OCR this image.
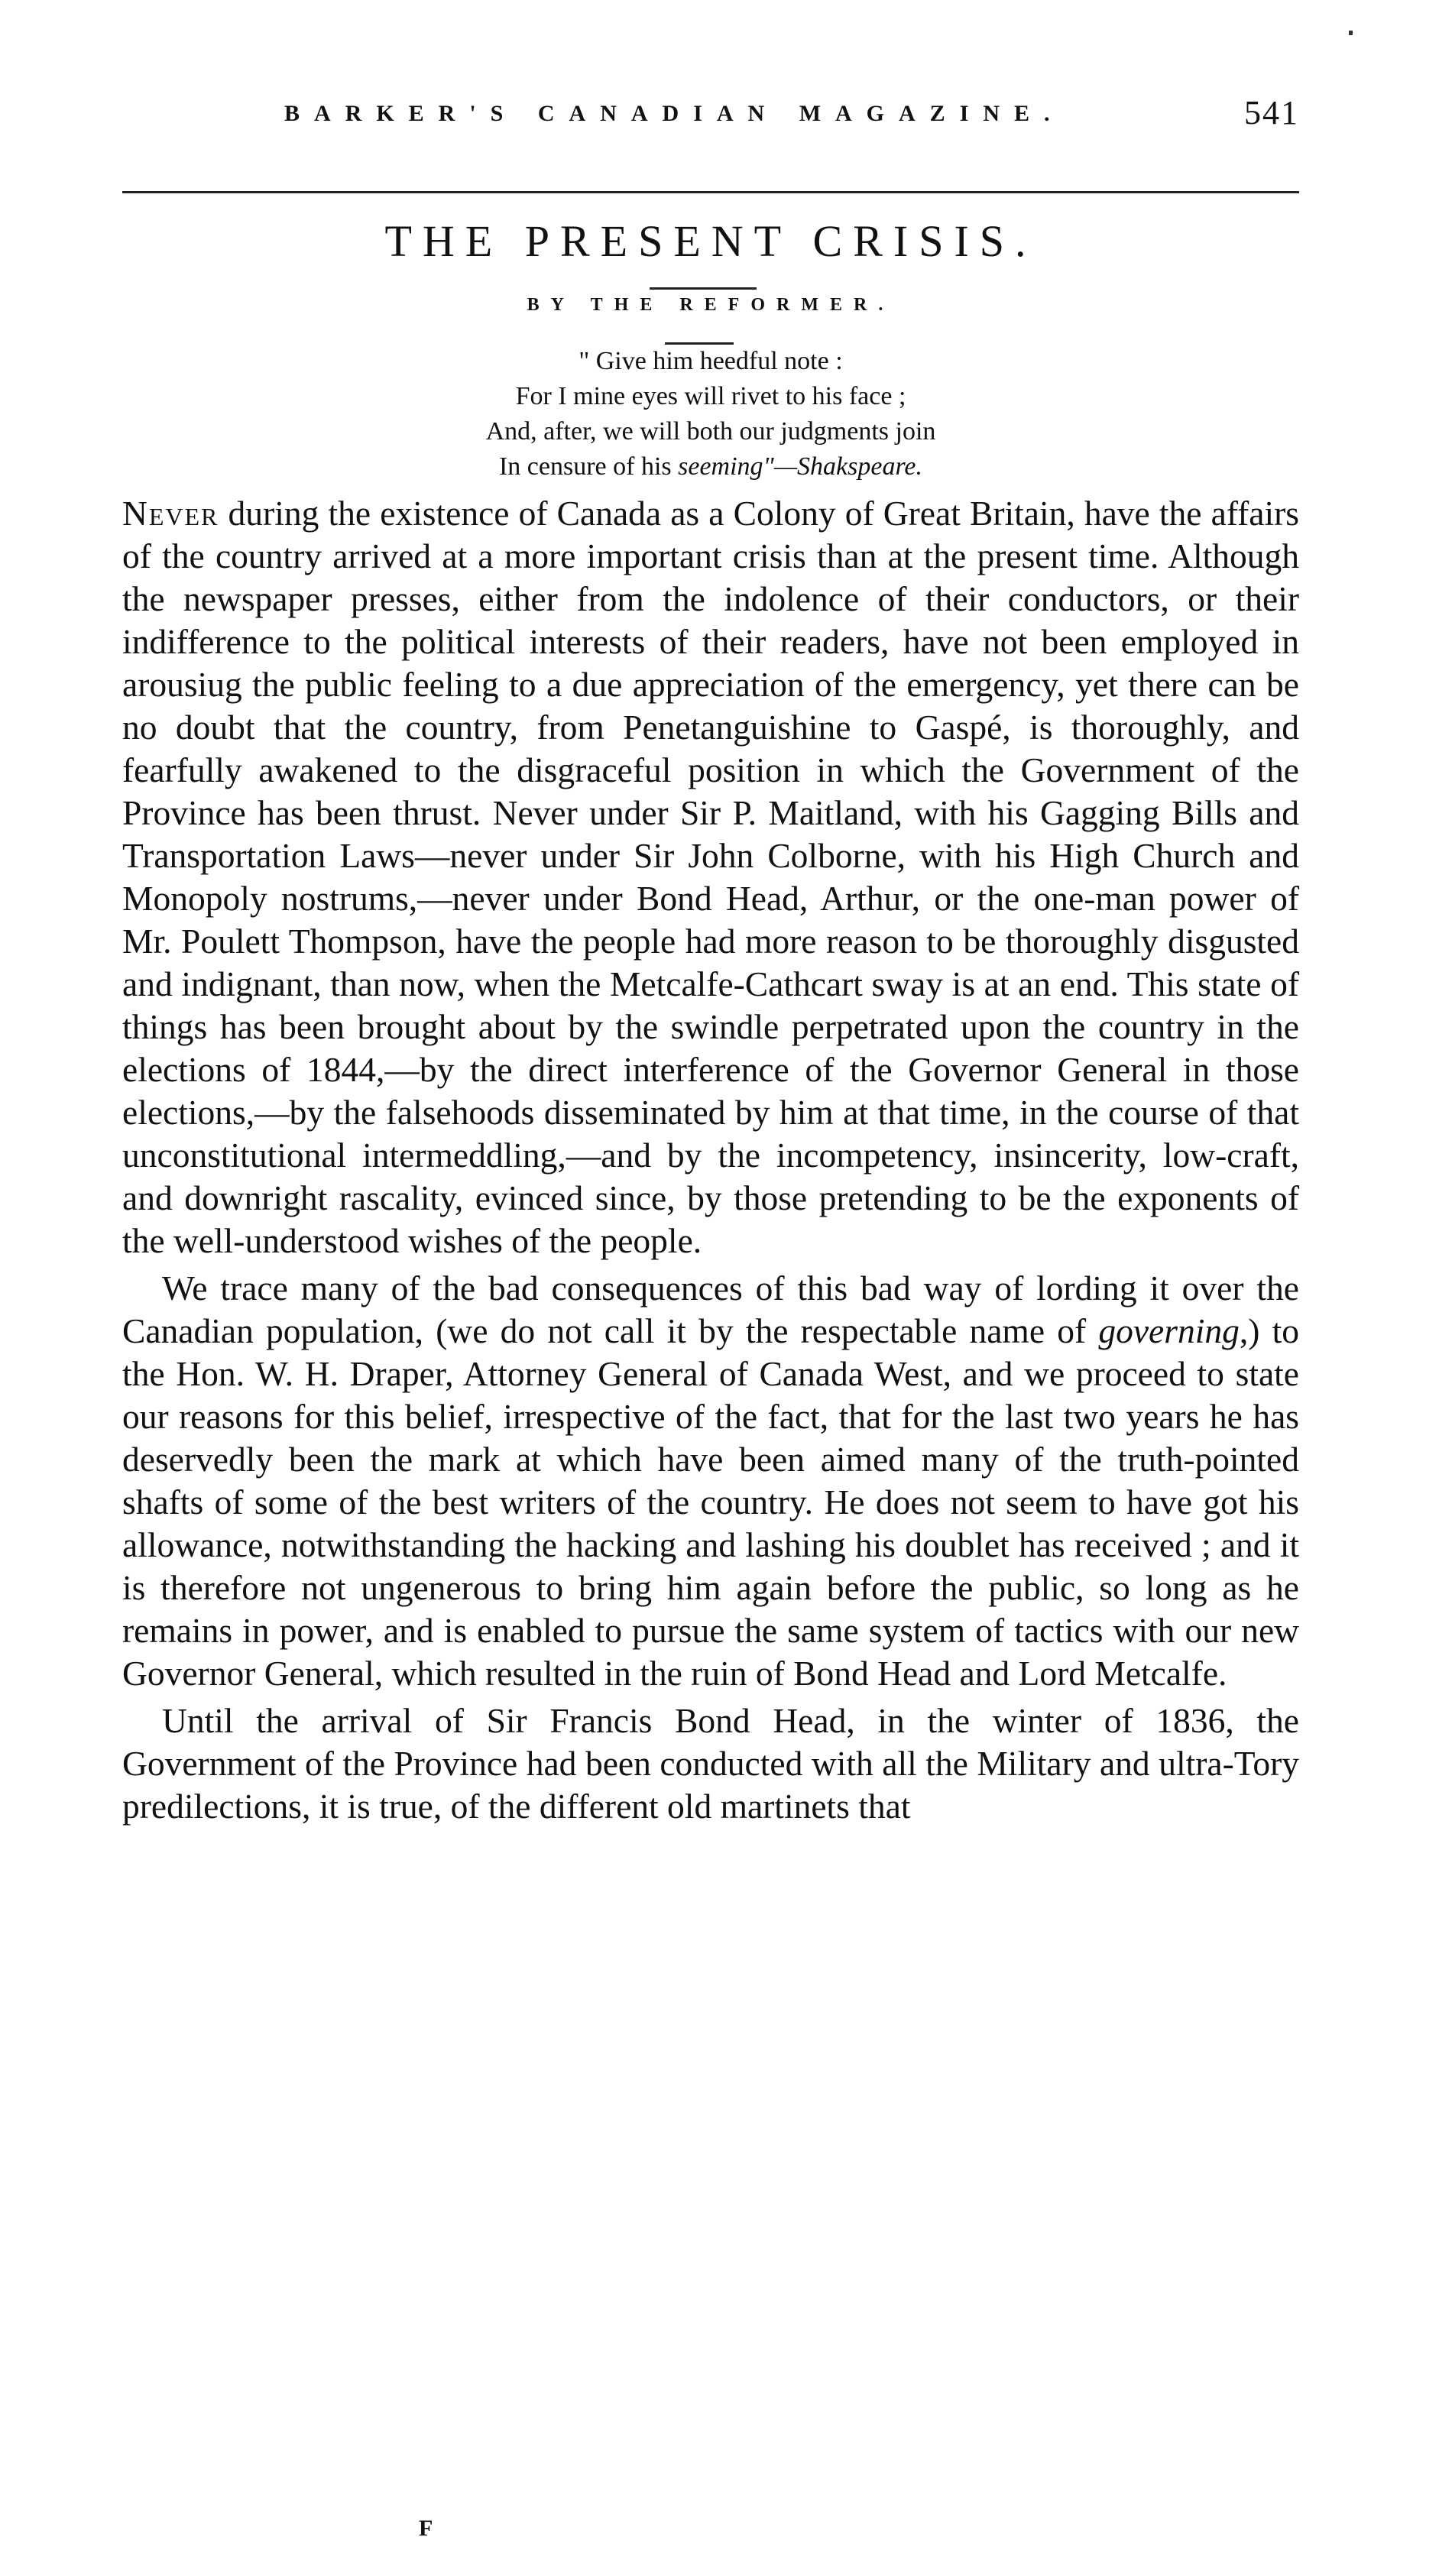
BARKER'S CANADIAN MAGAZINE.	541
THE PRESENT CRISIS.
BY THE REFORMER.
" Give him heedful note :
For I mine eyes will rivet to his face ;
And, after, we will both our judgments join
In censure of his seeming"—Shakspeare.

Never during the existence of Canada as a Colony of Great Britain, have the affairs of the country arrived at a more important crisis than at the present time. Although the newspaper presses, either from the indolence of their conductors, or their indifference to the political interests of their readers, have not been employed in arousiug the public feeling to a due appreciation of the emergency, yet there can be no doubt that the country, from Penetanguishine to Gaspé, is thoroughly, and fearfully awakened to the disgraceful position in which the Government of the Province has been thrust. Never under Sir P. Maitland, with his Gagging Bills and Transportation Laws—never under Sir John Colborne, with his High Church and Monopoly nostrums,—never under Bond Head, Arthur, or the one-man power of Mr. Poulett Thompson, have the people had more reason to be thoroughly disgusted and indignant, than now, when the Metcalfe-Cathcart sway is at an end. This state of things has been brought about by the swindle perpetrated upon the country in the elections of 1844,—by the direct interference of the Governor General in those elections,—by the falsehoods disseminated by him at that time, in the course of that unconstitutional intermeddling,—and by the incompetency, insincerity, low-craft, and downright rascality, evinced since, by those pretending to be the exponents of the well-understood wishes of the people.

We trace many of the bad consequences of this bad way of lording it over the Canadian population, (we do not call it by the respectable name of governing,) to the Hon. W. H. Draper, Attorney General of Canada West, and we proceed to state our reasons for this belief, irrespective of the fact, that for the last two years he has deservedly been the mark at which have been aimed many of the truth-pointed shafts of some of the best writers of the country. He does not seem to have got his allowance, notwithstanding the hacking and lashing his doublet has received ; and it is therefore not ungenerous to bring him again before the public, so long as he remains in power, and is enabled to pursue the same system of tactics with our new Governor General, which resulted in the ruin of Bond Head and Lord Metcalfe.

Until the arrival of Sir Francis Bond Head, in the winter of 1836, the Government of the Province had been conducted with all the Military and ultra-Tory predilections, it is true, of the different old martinets that

F
